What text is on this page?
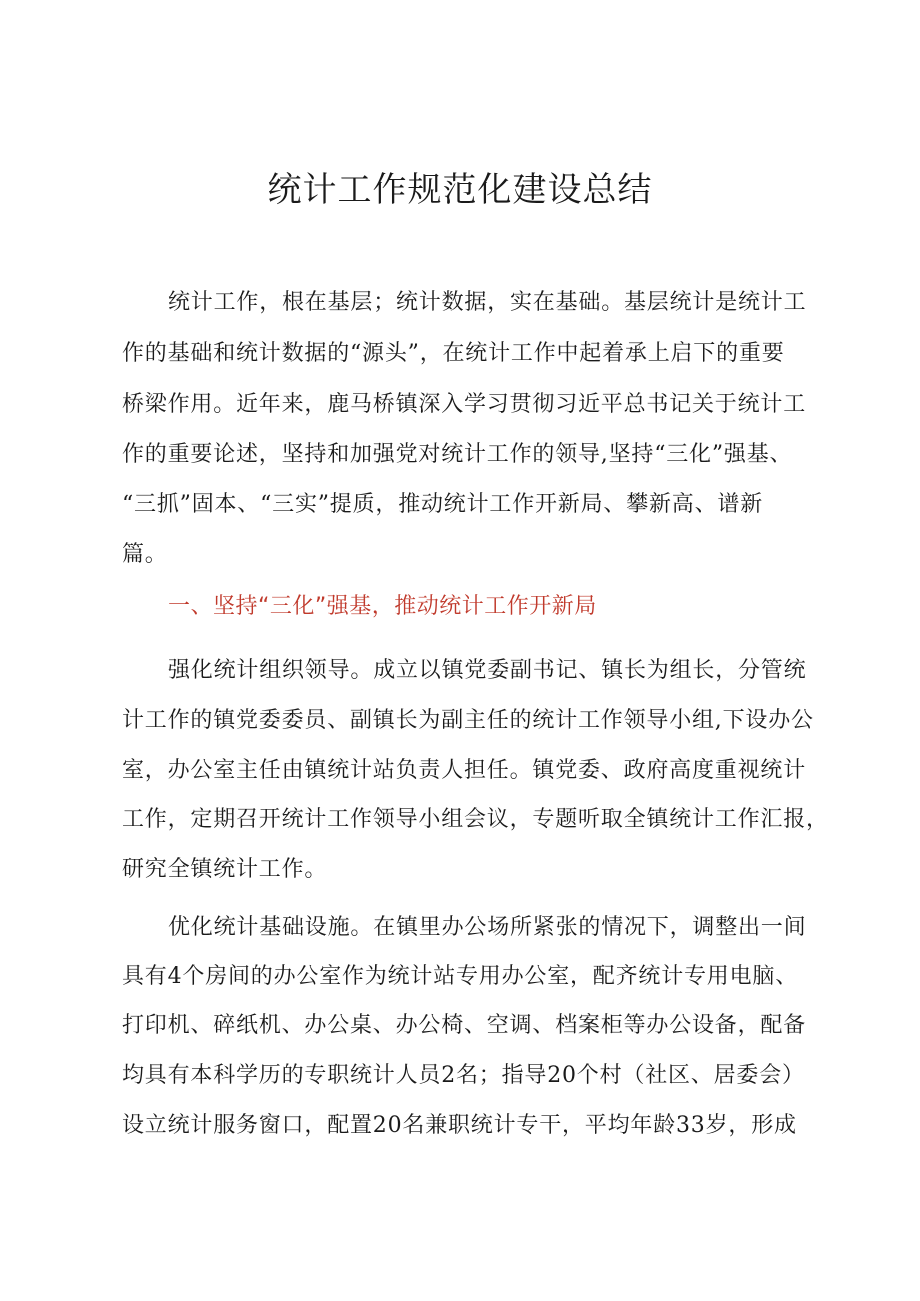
统计工作规范化建设总结
统计工作，根在基层；统计数据，实在基础。基层统计是统计工
作的基础和统计数据的“源头”，在统计工作中起着承上启下的重要
桥梁作用。近年来，鹿马桥镇深入学习贯彻习近平总书记关于统计工
作的重要论述，坚持和加强党对统计工作的领导,坚持“三化”强基、
“三抓”固本、“三实”提质，推动统计工作开新局、攀新高、谱新
篇。
一、坚持“三化”强基，推动统计工作开新局
强化统计组织领导。成立以镇党委副书记、镇长为组长，分管统
计工作的镇党委委员、副镇长为副主任的统计工作领导小组,下设办公
室，办公室主任由镇统计站负责人担任。镇党委、政府高度重视统计
工作，定期召开统计工作领导小组会议，专题听取全镇统计工作汇报，
研究全镇统计工作。
优化统计基础设施。在镇里办公场所紧张的情况下，调整出一间
具有4个房间的办公室作为统计站专用办公室，配齐统计专用电脑、
打印机、碎纸机、办公桌、办公椅、空调、档案柜等办公设备，配备
均具有本科学历的专职统计人员2名；指导20个村（社区、居委会）
设立统计服务窗口，配置20名兼职统计专干，平均年龄33岁，形成
